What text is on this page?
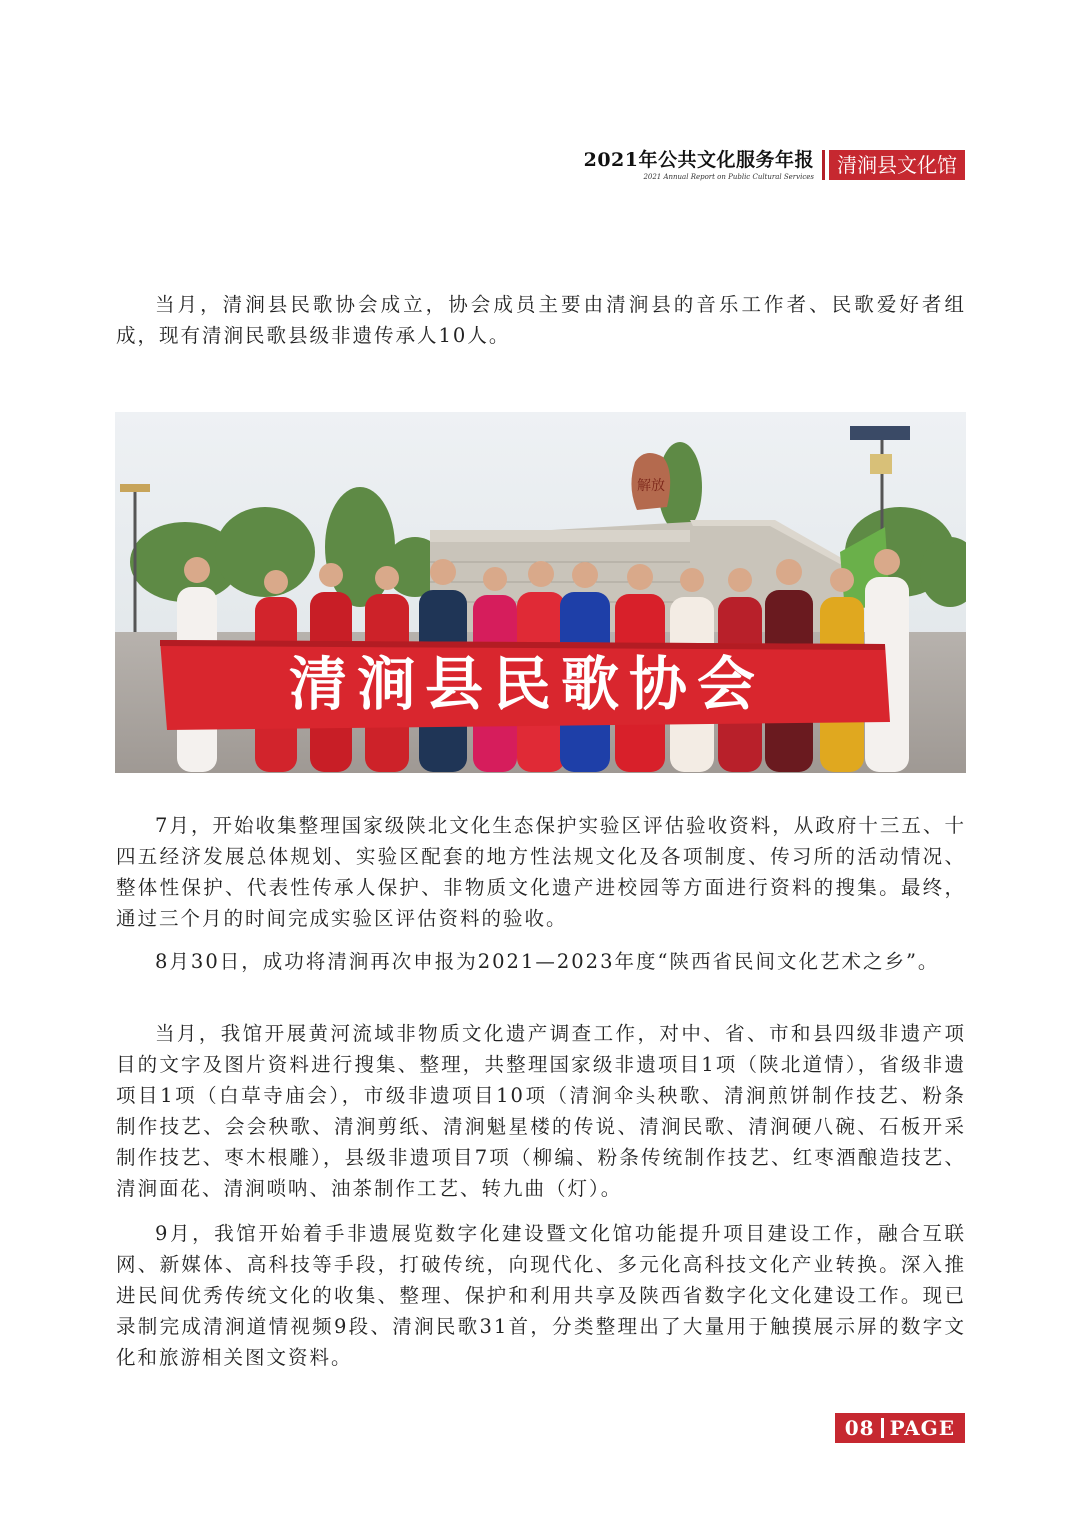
2021年公共文化服务年报
2021 Annual Report on Public Cultural Services	清涧县文化馆

当月，清涧县民歌协会成立，协会成员主要由清涧县的音乐工作者、民歌爱好者组成，现有清涧民歌县级非遗传承人10人。

解放
清涧县民歌协会

7月，开始收集整理国家级陕北文化生态保护实验区评估验收资料，从政府十三五、十四五经济发展总体规划、实验区配套的地方性法规文化及各项制度、传习所的活动情况、整体性保护、代表性传承人保护、非物质文化遗产进校园等方面进行资料的搜集。最终，通过三个月的时间完成实验区评估资料的验收。

8月30日，成功将清涧再次申报为2021—2023年度“陕西省民间文化艺术之乡”。

当月，我馆开展黄河流域非物质文化遗产调查工作，对中、省、市和县四级非遗产项目的文字及图片资料进行搜集、整理，共整理国家级非遗项目1项（陕北道情），省级非遗项目1项（白草寺庙会），市级非遗项目10项（清涧伞头秧歌、清涧煎饼制作技艺、粉条制作技艺、会会秧歌、清涧剪纸、清涧魁星楼的传说、清涧民歌、清涧硬八碗、石板开采制作技艺、枣木根雕），县级非遗项目7项（柳编、粉条传统制作技艺、红枣酒酿造技艺、清涧面花、清涧唢呐、油茶制作工艺、转九曲（灯）。

9月，我馆开始着手非遗展览数字化建设暨文化馆功能提升项目建设工作，融合互联网、新媒体、高科技等手段，打破传统，向现代化、多元化高科技文化产业转换。深入推进民间优秀传统文化的收集、整理、保护和利用共享及陕西省数字化文化建设工作。现已录制完成清涧道情视频9段、清涧民歌31首，分类整理出了大量用于触摸展示屏的数字文化和旅游相关图文资料。

08 PAGE
